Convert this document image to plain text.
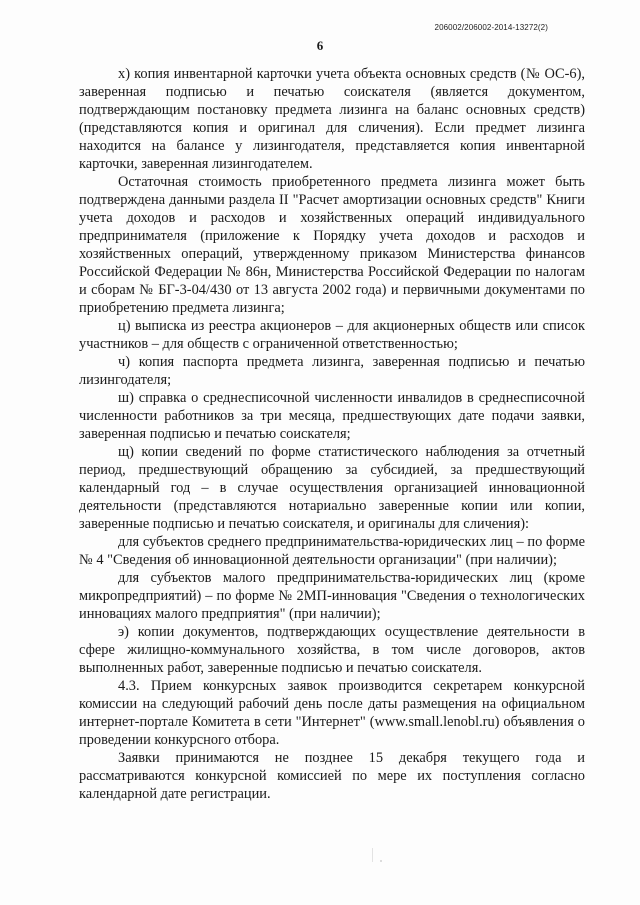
206002/206002-2014-13272(2)
6

х) копия инвентарной карточки учета объекта основных средств (№ ОС-6), заверенная подписью и печатью соискателя (является документом, подтверждающим постановку предмета лизинга на баланс основных средств) (представляются копия и оригинал для сличения). Если предмет лизинга находится на балансе у лизингодателя, представляется копия инвентарной карточки, заверенная лизингодателем.

Остаточная стоимость приобретенного предмета лизинга может быть подтверждена данными раздела II "Расчет амортизации основных средств" Книги учета доходов и расходов и хозяйственных операций индивидуального предпринимателя (приложение к Порядку учета доходов и расходов и хозяйственных операций, утвержденному приказом Министерства финансов Российской Федерации № 86н, Министерства Российской Федерации по налогам и сборам № БГ-3-04/430 от 13 августа 2002 года) и первичными документами по приобретению предмета лизинга;

ц) выписка из реестра акционеров – для акционерных обществ или список участников – для обществ с ограниченной ответственностью;

ч) копия паспорта предмета лизинга, заверенная подписью и печатью лизингодателя;

ш) справка о среднесписочной численности инвалидов в среднесписочной численности работников за три месяца, предшествующих дате подачи заявки, заверенная подписью и печатью соискателя;

щ) копии сведений по форме статистического наблюдения за отчетный период, предшествующий обращению за субсидией, за предшествующий календарный год – в случае осуществления организацией инновационной деятельности (представляются нотариально заверенные копии или копии, заверенные подписью и печатью соискателя, и оригиналы для сличения):

для субъектов среднего предпринимательства-юридических лиц – по форме № 4 "Сведения об инновационной деятельности организации" (при наличии);

для субъектов малого предпринимательства-юридических лиц (кроме микропредприятий) – по форме № 2МП-инновация "Сведения о технологических инновациях малого предприятия" (при наличии);

э) копии документов, подтверждающих осуществление деятельности в сфере жилищно-коммунального хозяйства, в том числе договоров, актов выполненных работ, заверенные подписью и печатью соискателя.

4.3. Прием конкурсных заявок производится секретарем конкурсной комиссии на следующий рабочий день после даты размещения на официальном интернет-портале Комитета в сети "Интернет" (www.small.lenobl.ru) объявления о проведении конкурсного отбора.

Заявки принимаются не позднее 15 декабря текущего года и рассматриваются конкурсной комиссией по мере их поступления согласно календарной дате регистрации.
